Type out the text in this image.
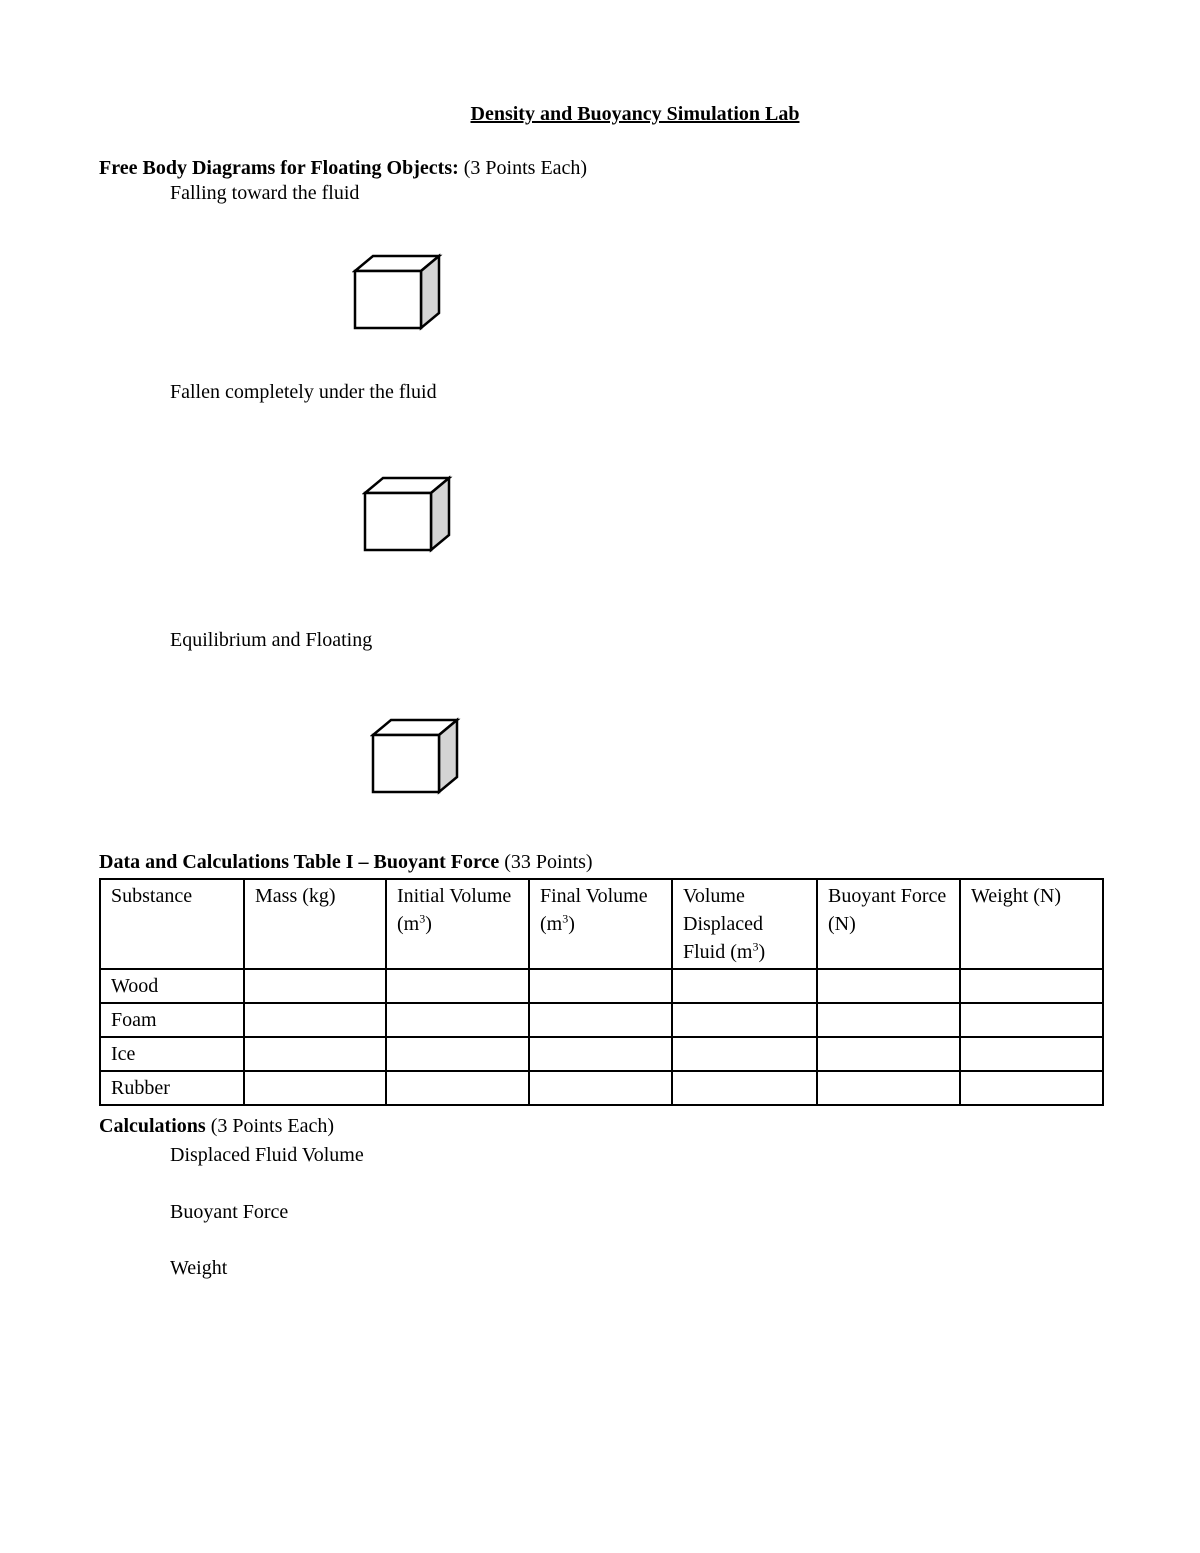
Density and Buoyancy Simulation Lab
Free Body Diagrams for Floating Objects: (3 Points Each)
Falling toward the fluid
Fallen completely under the fluid
Equilibrium and Floating
Data and Calculations Table I – Buoyant Force (33 Points)
Substance	Mass (kg)	Initial Volume $(m^3)$	Final Volume $(m^3)$	Volume Displaced Fluid $(m^3)$	Buoyant Force (N)	Weight (N)
Wood						
Foam						
Ice						
Rubber						
Calculations (3 Points Each)
Displaced Fluid Volume
Buoyant Force
Weight
